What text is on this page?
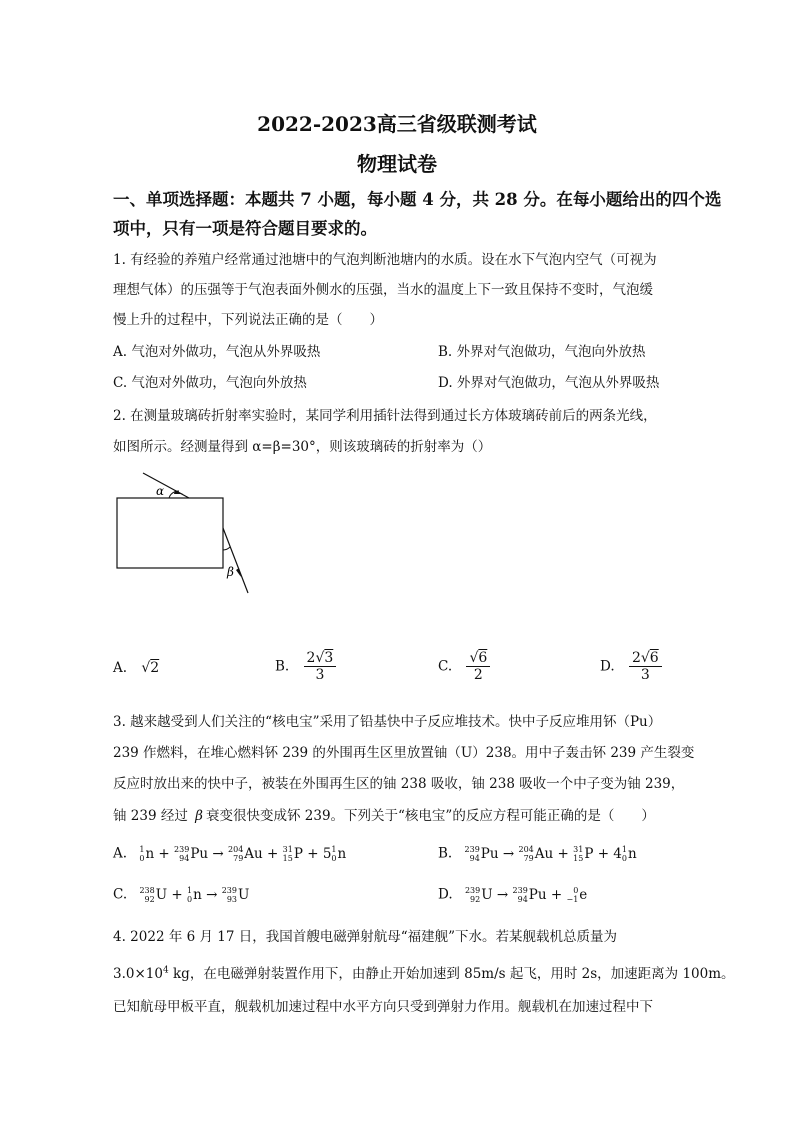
2022-2023高三省级联测考试
物理试卷
一、单项选择题：本题共 7 小题，每小题 4 分，共 28 分。在每小题给出的四个选
项中，只有一项是符合题目要求的。
1. 有经验的养殖户经常通过池塘中的气泡判断池塘内的水质。设在水下气泡内空气（可视为
理想气体）的压强等于气泡表面外侧水的压强，当水的温度上下一致且保持不变时，气泡缓
慢上升的过程中，下列说法正确的是（　　）
A. 气泡对外做功，气泡从外界吸热	B. 外界对气泡做功，气泡向外放热
C. 气泡对外做功，气泡向外放热	D. 外界对气泡做功，气泡从外界吸热
2. 在测量玻璃砖折射率实验时，某同学利用插针法得到通过长方体玻璃砖前后的两条光线，
如图所示。经测量得到 α=β=30°，则该玻璃砖的折射率为（）
α
β
A. √2	B. $\frac{2√3}{3}$	C. $\frac{√6}{2}$	D. $\frac{2√6}{3}$
3. 越来越受到人们关注的“核电宝”采用了铅基快中子反应堆技术。快中子反应堆用钚（Pu）
239 作燃料，在堆心燃料钚 239 的外围再生区里放置铀（U）238。用中子轰击钚 239 产生裂变
反应时放出来的快中子，被装在外围再生区的铀 238 吸收，铀 238 吸收一个中子变为铀 239，
铀 239 经过 β 衰变很快变成钚 239。下列关于“核电宝”的反应方程可能正确的是（　　）
A. 1
0n + 239
94Pu → 204
79Au + 31
15P + 51
0n	B. 239
94Pu → 204
79Au + 31
15P + 41
0n
C. 238
92U + 1
0n → 239
93U	D. 239
92U → 239
94Pu + 0
−1e
4. 2022 年 6 月 17 日，我国首艘电磁弹射航母“福建舰”下水。若某舰载机总质量为
$3.0\times 10^4$ kg，在电磁弹射装置作用下，由静止开始加速到 85m/s 起飞，用时 2s，加速距离为 100m。
已知航母甲板平直，舰载机加速过程中水平方向只受到弹射力作用。舰载机在加速过程中下
